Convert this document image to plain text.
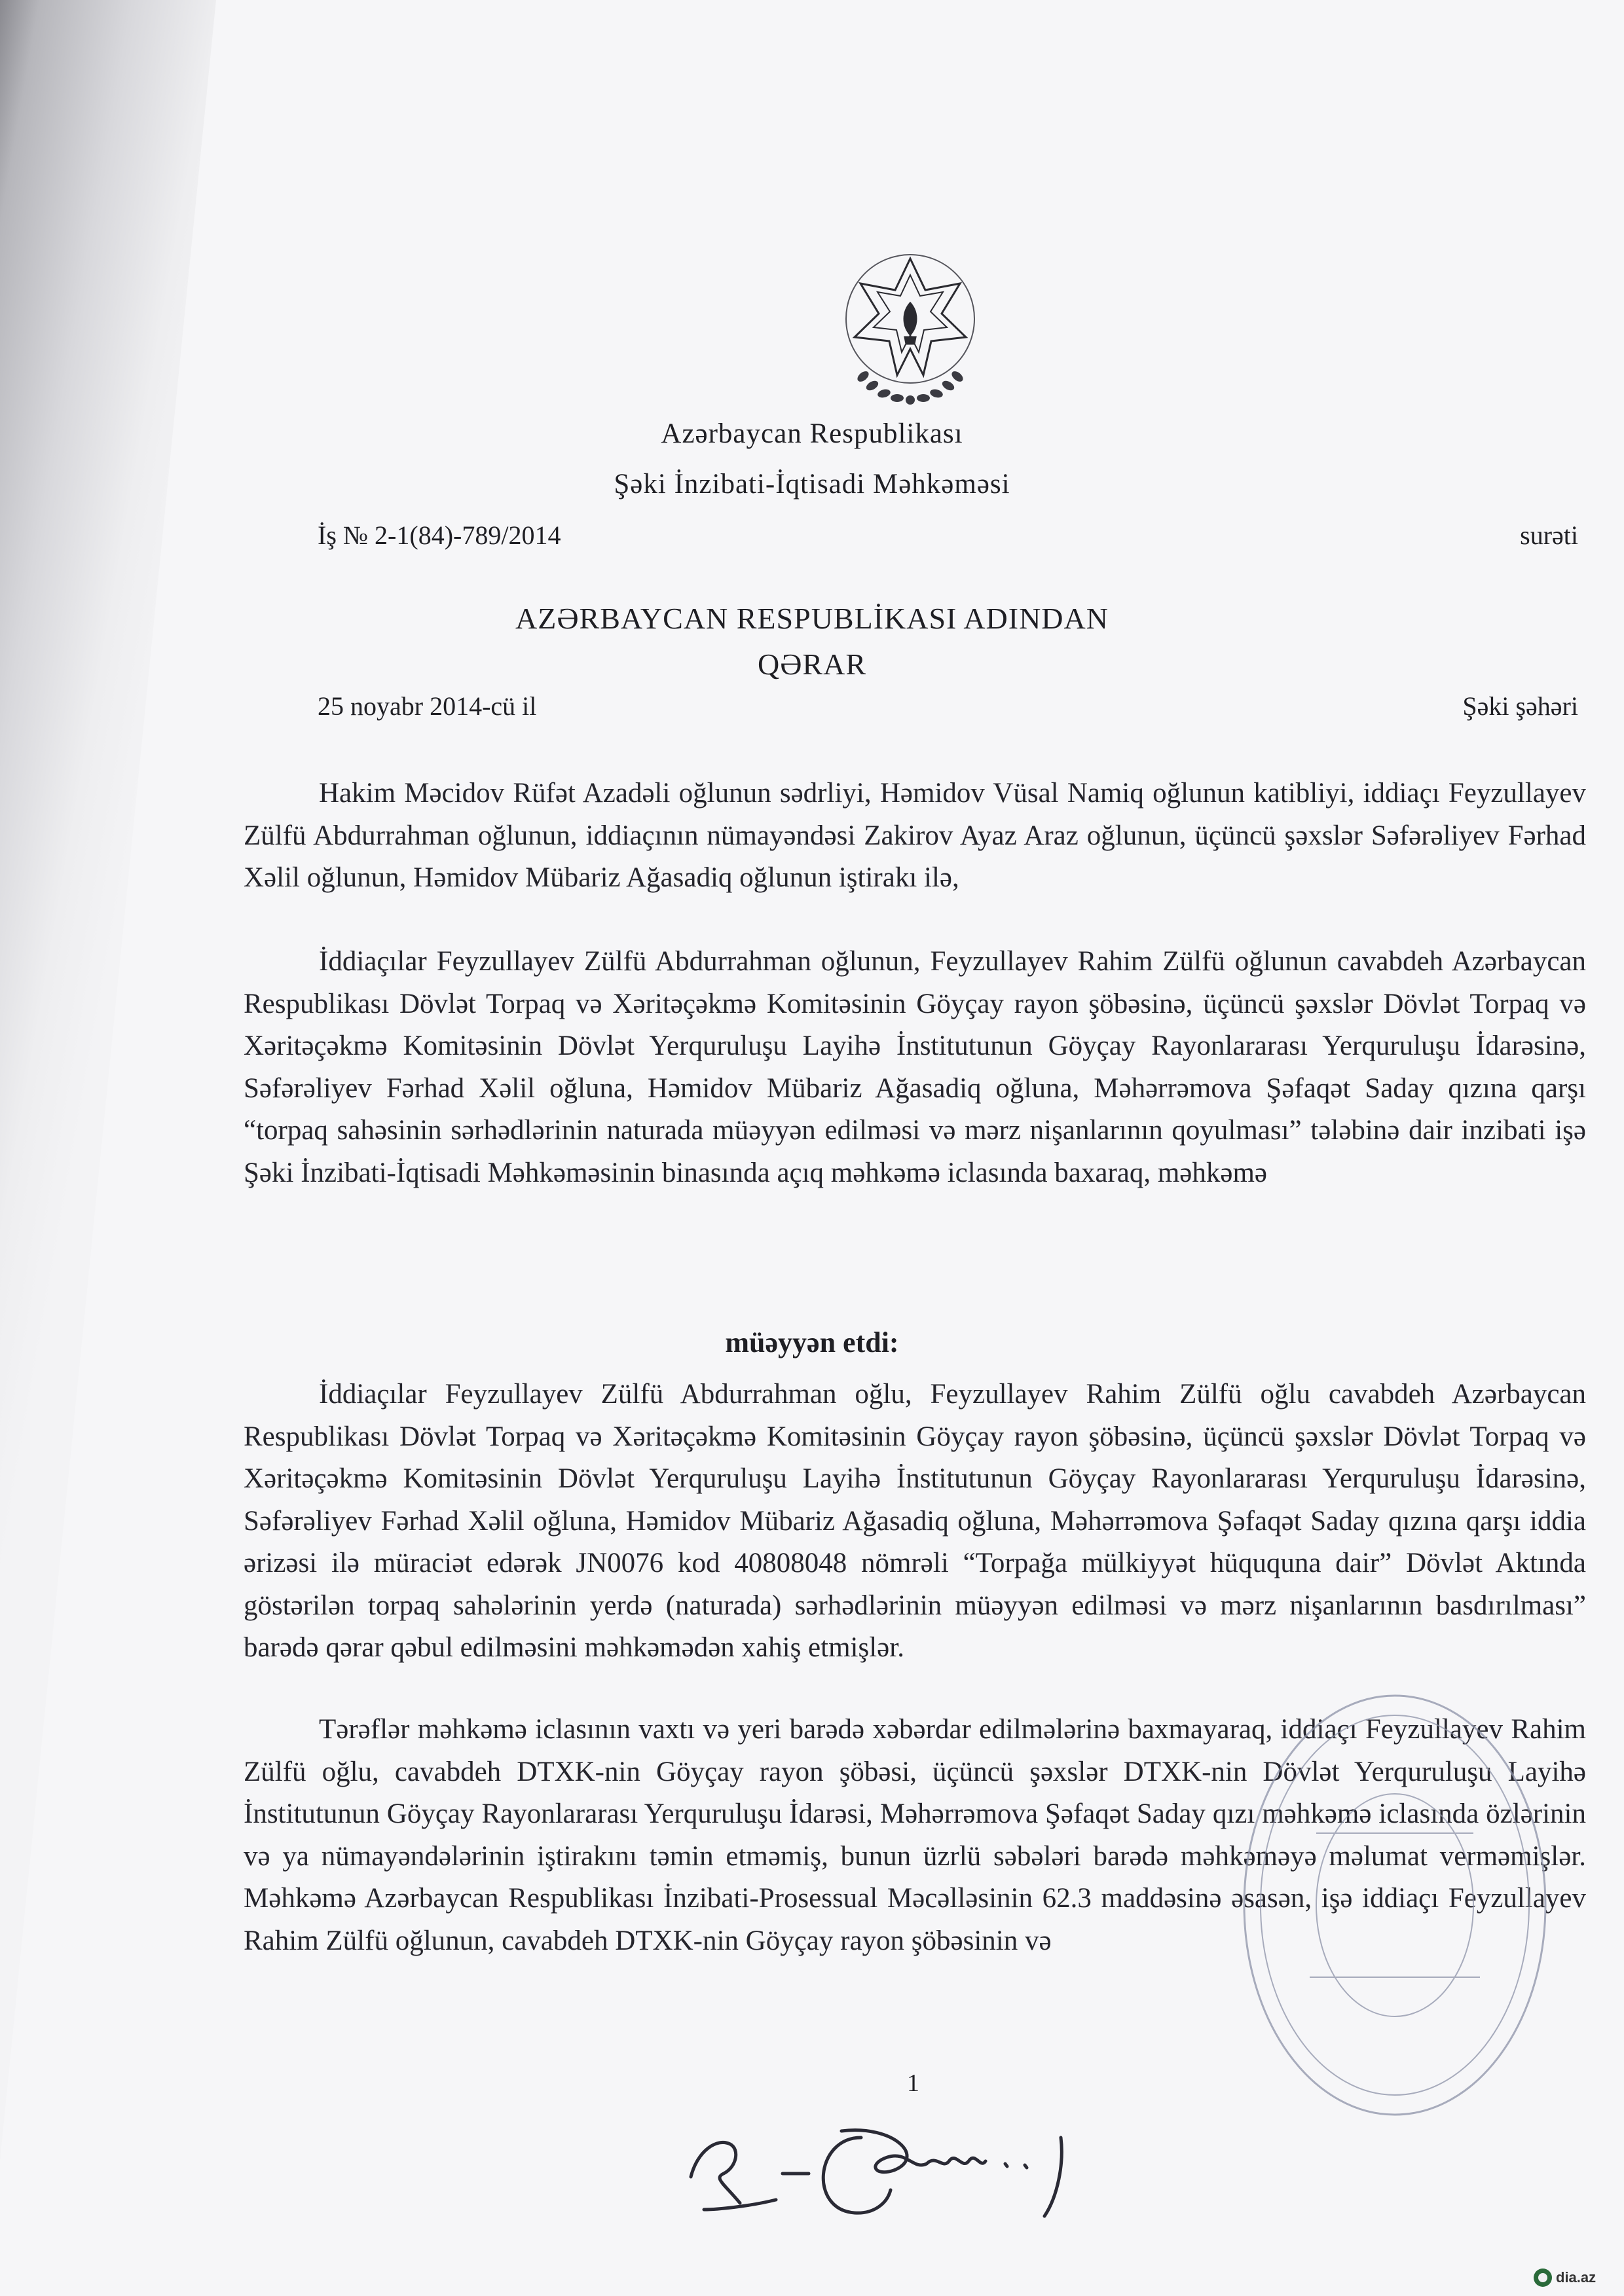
Azərbaycan Respublikası
Şəki İnzibati-İqtisadi Məhkəməsi
İş № 2-1(84)-789/2014	surəti
AZƏRBAYCAN RESPUBLİKASI ADINDAN
QƏRAR
25 noyabr 2014-cü il	Şəki şəhəri
Hakim Məcidov Rüfət Azadəli oğlunun sədrliyi, Həmidov Vüsal Namiq oğlunun katibliyi, iddiaçı Feyzullayev Zülfü Abdurrahman oğlunun, iddiaçının nümayəndəsi Zakirov Ayaz Araz oğlunun, üçüncü şəxslər Səfərəliyev Fərhad Xəlil oğlunun, Həmidov Mübariz Ağasadiq oğlunun iştirakı ilə,
İddiaçılar Feyzullayev Zülfü Abdurrahman oğlunun, Feyzullayev Rahim Zülfü oğlunun cavabdeh Azərbaycan Respublikası Dövlət Torpaq və Xəritəçəkmə Komitəsinin Göyçay rayon şöbəsinə, üçüncü şəxslər Dövlət Torpaq və Xəritəçəkmə Komitəsinin Dövlət Yerquruluşu Layihə İnstitutunun Göyçay Rayonlararası Yerquruluşu İdarəsinə, Səfərəliyev Fərhad Xəlil oğluna, Həmidov Mübariz Ağasadiq oğluna, Məhərrəmova Şəfaqət Saday qızına qarşı “torpaq sahəsinin sərhədlərinin naturada müəyyən edilməsi və mərz nişanlarının qoyulması” tələbinə dair inzibati işə Şəki İnzibati-İqtisadi Məhkəməsinin binasında açıq məhkəmə iclasında baxaraq, məhkəmə
müəyyən etdi:
İddiaçılar Feyzullayev Zülfü Abdurrahman oğlu, Feyzullayev Rahim Zülfü oğlu cavabdeh Azərbaycan Respublikası Dövlət Torpaq və Xəritəçəkmə Komitəsinin Göyçay rayon şöbəsinə, üçüncü şəxslər Dövlət Torpaq və Xəritəçəkmə Komitəsinin Dövlət Yerquruluşu Layihə İnstitutunun Göyçay Rayonlararası Yerquruluşu İdarəsinə, Səfərəliyev Fərhad Xəlil oğluna, Həmidov Mübariz Ağasadiq oğluna, Məhərrəmova Şəfaqət Saday qızına qarşı iddia ərizəsi ilə müraciət edərək JN0076 kod 40808048 nömrəli “Torpağa mülkiyyət hüququna dair” Dövlət Aktında göstərilən torpaq sahələrinin yerdə (naturada) sərhədlərinin müəyyən edilməsi və mərz nişanlarının basdırılması” barədə qərar qəbul edilməsini məhkəmədən xahiş etmişlər.
Tərəflər məhkəmə iclasının vaxtı və yeri barədə xəbərdar edilmələrinə baxmayaraq, iddiaçı Feyzullayev Rahim Zülfü oğlu, cavabdeh DTXK-nin Göyçay rayon şöbəsi, üçüncü şəxslər DTXK-nin Dövlət Yerquruluşu Layihə İnstitutunun Göyçay Rayonlararası Yerquruluşu İdarəsi, Məhərrəmova Şəfaqət Saday qızı məhkəmə iclasında özlərinin və ya nümayəndələrinin iştirakını təmin etməmiş, bunun üzrlü səbələri barədə məhkəməyə məlumat verməmişlər. Məhkəmə Azərbaycan Respublikası İnzibati-Prosessual Məcəlləsinin 62.3 maddəsinə əsasən, işə iddiaçı Feyzullayev Rahim Zülfü oğlunun, cavabdeh DTXK-nin Göyçay rayon şöbəsinin və
1
dia.az
